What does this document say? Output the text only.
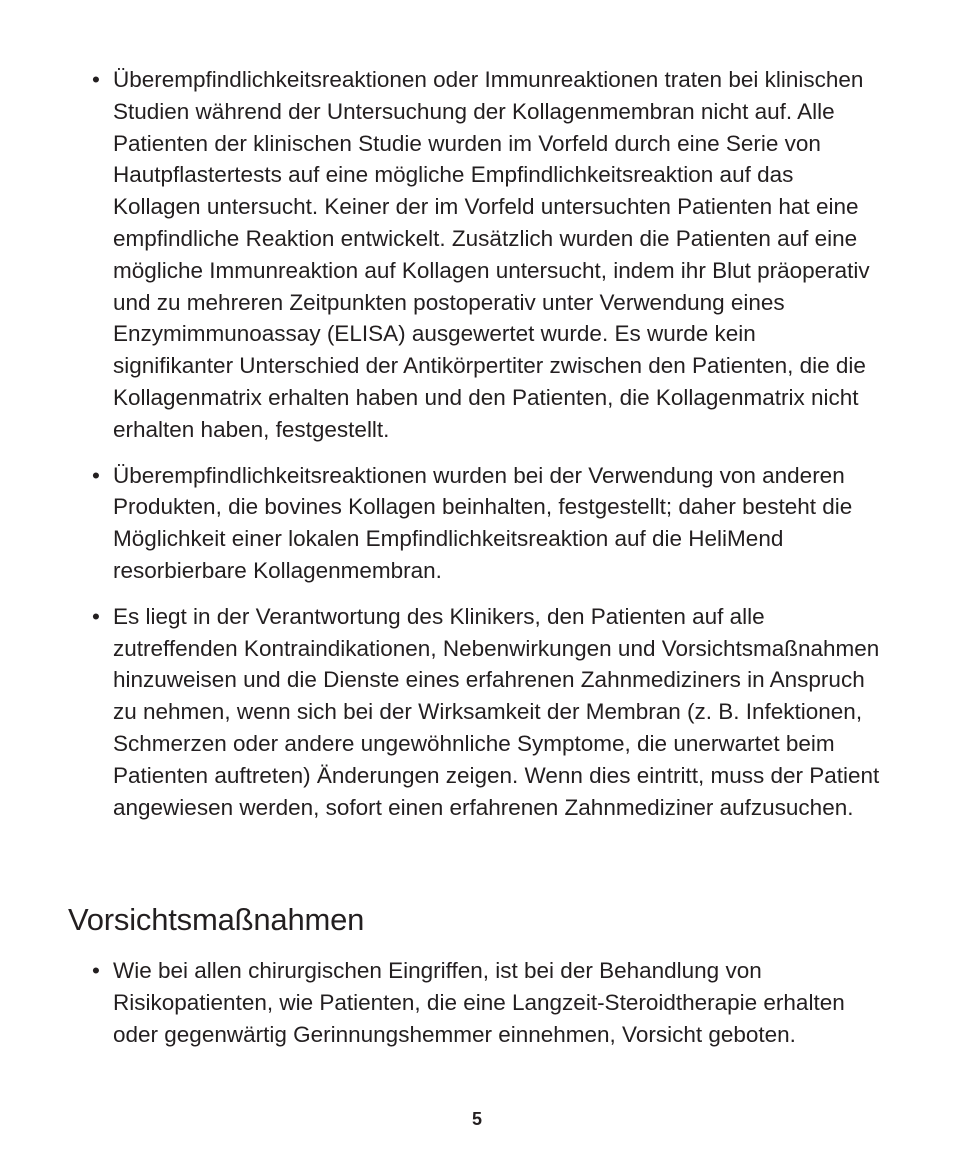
• Überempfindlichkeitsreaktionen oder Immunreaktionen traten bei klinischen Studien während der Untersuchung der Kollagenmembran nicht auf. Alle Patienten der klinischen Studie wurden im Vorfeld durch eine Serie von Hautpflastertests auf eine mögliche Empfindlichkeitsreaktion auf das Kollagen untersucht. Keiner der im Vorfeld untersuchten Patienten hat eine empfindliche Reaktion entwickelt. Zusätzlich wurden die Patienten auf eine mögliche Immunreaktion auf Kollagen untersucht, indem ihr Blut präoperativ und zu mehreren Zeitpunkten postoperativ unter Verwendung eines Enzymimmunoassay (ELISA) ausgewertet wurde. Es wurde kein signifikanter Unterschied der Antikörpertiter zwischen den Patienten, die die Kollagenmatrix erhalten haben und den Patienten, die Kollagenmatrix nicht erhalten haben, festgestellt.
• Überempfindlichkeitsreaktionen wurden bei der Verwendung von anderen Produkten, die bovines Kollagen beinhalten, festgestellt; daher besteht die Möglichkeit einer lokalen Empfindlichkeitsreaktion auf die HeliMend resorbierbare Kollagenmembran.
• Es liegt in der Verantwortung des Klinikers, den Patienten auf alle zutreffenden Kontraindikationen, Nebenwirkungen und Vorsichtsmaßnahmen hinzuweisen und die Dienste eines erfahrenen Zahnmediziners in Anspruch zu nehmen, wenn sich bei der Wirksamkeit der Membran (z. B. Infektionen, Schmerzen oder andere ungewöhnliche Symptome, die unerwartet beim Patienten auftreten) Änderungen zeigen. Wenn dies eintritt, muss der Patient angewiesen werden, sofort einen erfahrenen Zahnmediziner aufzusuchen.
Vorsichtsmaßnahmen
• Wie bei allen chirurgischen Eingriffen, ist bei der Behandlung von Risikopatienten, wie Patienten, die eine Langzeit-Steroidtherapie erhalten oder gegenwärtig Gerinnungshemmer einnehmen, Vorsicht geboten.
5
